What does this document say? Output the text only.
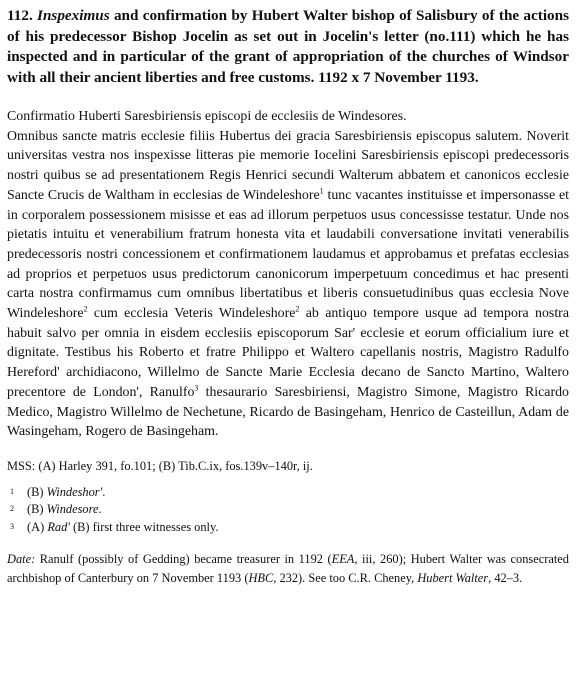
112. Inspeximus and confirmation by Hubert Walter bishop of Salisbury of the actions of his predecessor Bishop Jocelin as set out in Jocelin's letter (no.111) which he has inspected and in particular of the grant of appropriation of the churches of Windsor with all their ancient liberties and free customs. 1192 x 7 November 1193.

Confirmatio Huberti Saresbiriensis episcopi de ecclesiis de Windesores.

Omnibus sancte matris ecclesie filiis Hubertus dei gracia Saresbiriensis episcopus salutem. Noverit universitas vestra nos inspexisse litteras pie memorie Iocelini Saresbiriensis episcopi predecessoris nostri quibus se ad presentationem Regis Henrici secundi Walterum abbatem et canonicos ecclesie Sancte Crucis de Waltham in ecclesias de Windeleshore$^1$ tunc vacantes instituisse et impersonasse et in corporalem possessionem misisse et eas ad illorum perpetuos usus concessisse testatur. Unde nos pietatis intuitu et venerabilium fratrum honesta vita et laudabili conversatione invitati venerabilis predecessoris nostri concessionem et confirmationem laudamus et approbamus et prefatas ecclesias ad proprios et perpetuos usus predictorum canonicorum imperpetuum concedimus et hac presenti carta nostra confirmamus cum omnibus libertatibus et liberis consuetudinibus quas ecclesia Nove Windeleshore$^2$ cum ecclesia Veteris Windeleshore$^2$ ab antiquo tempore usque ad tempora nostra habuit salvo per omnia in eisdem ecclesiis episcoporum Sar' ecclesie et eorum officialium iure et dignitate. Testibus his Roberto et fratre Philippo et Waltero capellanis nostris, Magistro Radulfo Hereford' archidiacono, Willelmo de Sancte Marie Ecclesia decano de Sancto Martino, Waltero precentore de London', Ranulfo$^3$ thesaurario Saresbiriensi, Magistro Simone, Magistro Ricardo Medico, Magistro Willelmo de Nechetune, Ricardo de Basingeham, Henrico de Casteillun, Adam de Wasingeham, Rogero de Basingeham.

MSS: (A) Harley 391, fo.101; (B) Tib.C.ix, fos.139v–140r, ij.
1	(B) Windeshor'.
2	(B) Windesore.
3	(A) Rad' (B) first three witnesses only.
Date: Ranulf (possibly of Gedding) became treasurer in 1192 (EEA, iii, 260); Hubert Walter was consecrated archbishop of Canterbury on 7 November 1193 (HBC, 232). See too C.R. Cheney, Hubert Walter, 42–3.
